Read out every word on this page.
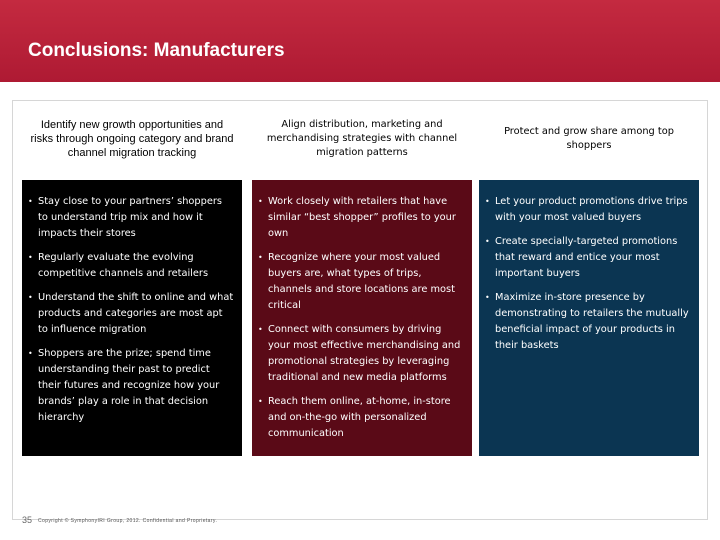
Conclusions: Manufacturers
Identify new growth opportunities and risks through ongoing category and brand channel migration tracking
• Stay close to your partners’ shoppers to understand trip mix and how it impacts their stores
• Regularly evaluate the evolving competitive channels and retailers
• Understand the shift to online and what products and categories are most apt to influence migration
• Shoppers are the prize; spend time understanding their past to predict their futures and recognize how your brands’ play a role in that decision hierarchy
Align distribution, marketing and merchandising strategies with channel migration patterns
• Work closely with retailers that have similar “best shopper” profiles to your own
• Recognize where your most valued buyers are, what types of trips, channels and store locations are most critical
• Connect with consumers by driving your most effective merchandising and promotional strategies by leveraging traditional and new media platforms
• Reach them online, at-home, in-store and on-the-go with personalized communication
Protect and grow share among top shoppers
• Let your product promotions drive trips with your most valued buyers
• Create specially-targeted promotions that reward and entice your most important buyers
• Maximize in-store presence by demonstrating to retailers the mutually beneficial impact of your products in their baskets
35 Copyright © SymphonyIRI Group, 2012. Confidential and Proprietary.
